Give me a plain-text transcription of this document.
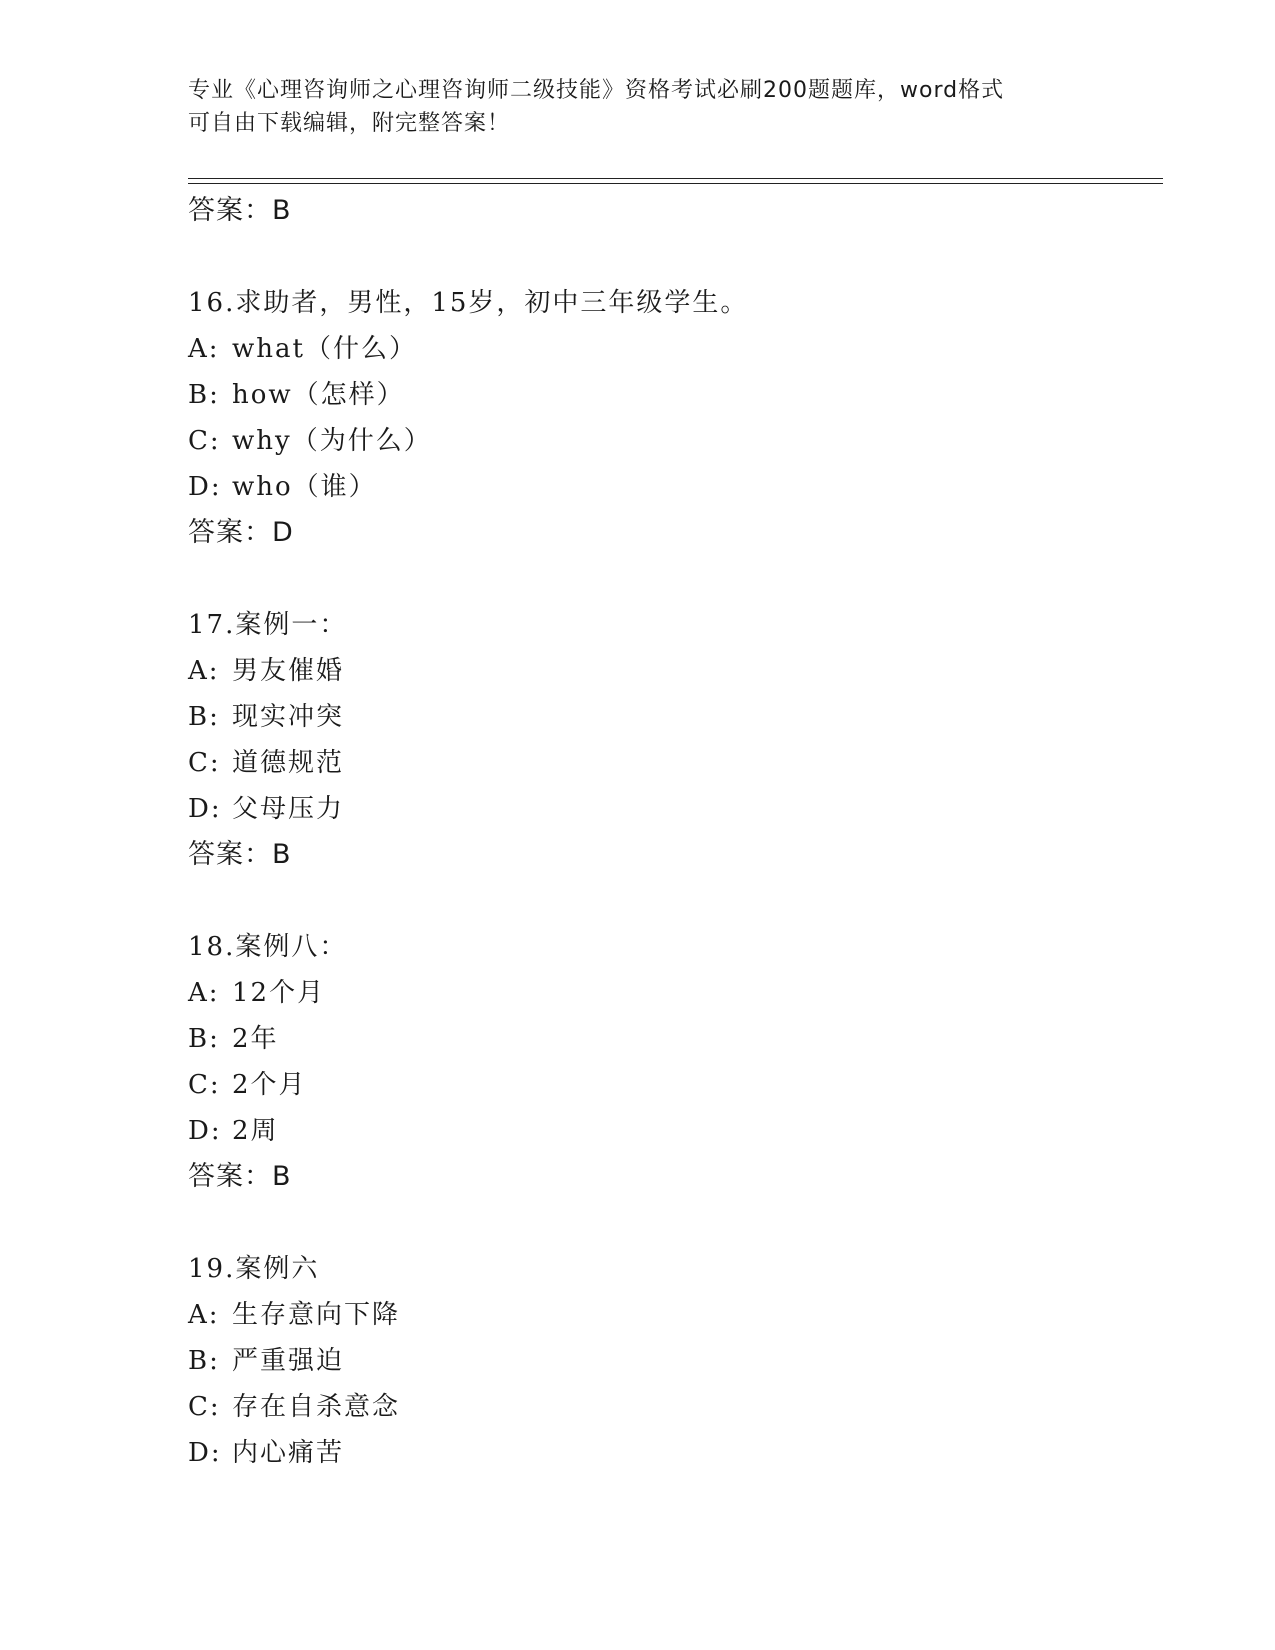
专业《心理咨询师之心理咨询师二级技能》资格考试必刷200题题库，word格式
可自由下载编辑，附完整答案！
答案：B
16.求助者，男性，15岁，初中三年级学生。
A: what（什么）
B: how（怎样）
C: why（为什么）
D: who（谁）
答案：D
17.案例一：
A: 男友催婚
B: 现实冲突
C: 道德规范
D: 父母压力
答案：B
18.案例八：
A: 12个月
B: 2年
C: 2个月
D: 2周
答案：B
19.案例六
A: 生存意向下降
B: 严重强迫
C: 存在自杀意念
D: 内心痛苦
